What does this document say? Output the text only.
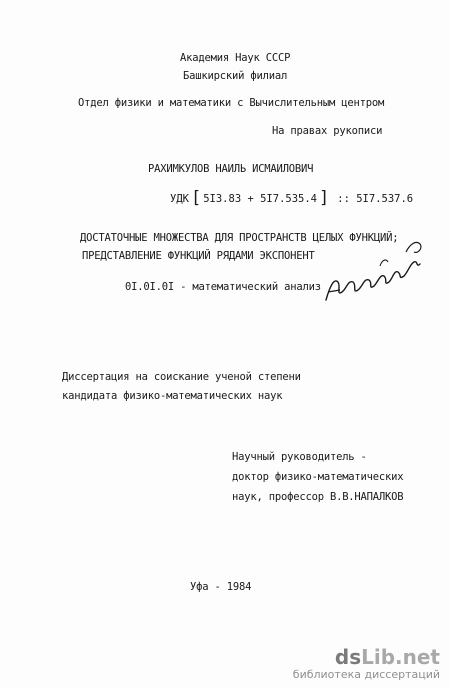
Академия Наук СССР
Башкирский филиал
Отдел физики и математики с Вычислительным центром
На правах рукописи
РАХИМКУЛОВ НАИЛЬ ИСМАИЛОВИЧ
УДК [ 5I3.83 + 5I7.535.4 ] :: 5I7.537.6
ДОСТАТОЧНЫЕ МНОЖЕСТВА ДЛЯ ПРОСТРАНСТВ ЦЕЛЫХ ФУНКЦИЙ;
ПРЕДСТАВЛЕНИЕ ФУНКЦИЙ РЯДАМИ ЭКСПОНЕНТ
0I.0I.0I - математический анализ
Диссертация на соискание ученой степени
кандидата физико-математических наук
Научный руководитель -
доктор физико-математических
наук, профессор В.В.НАПАЛКОВ
Уфа - 1984
dsLib.net
библиотека диссертаций
